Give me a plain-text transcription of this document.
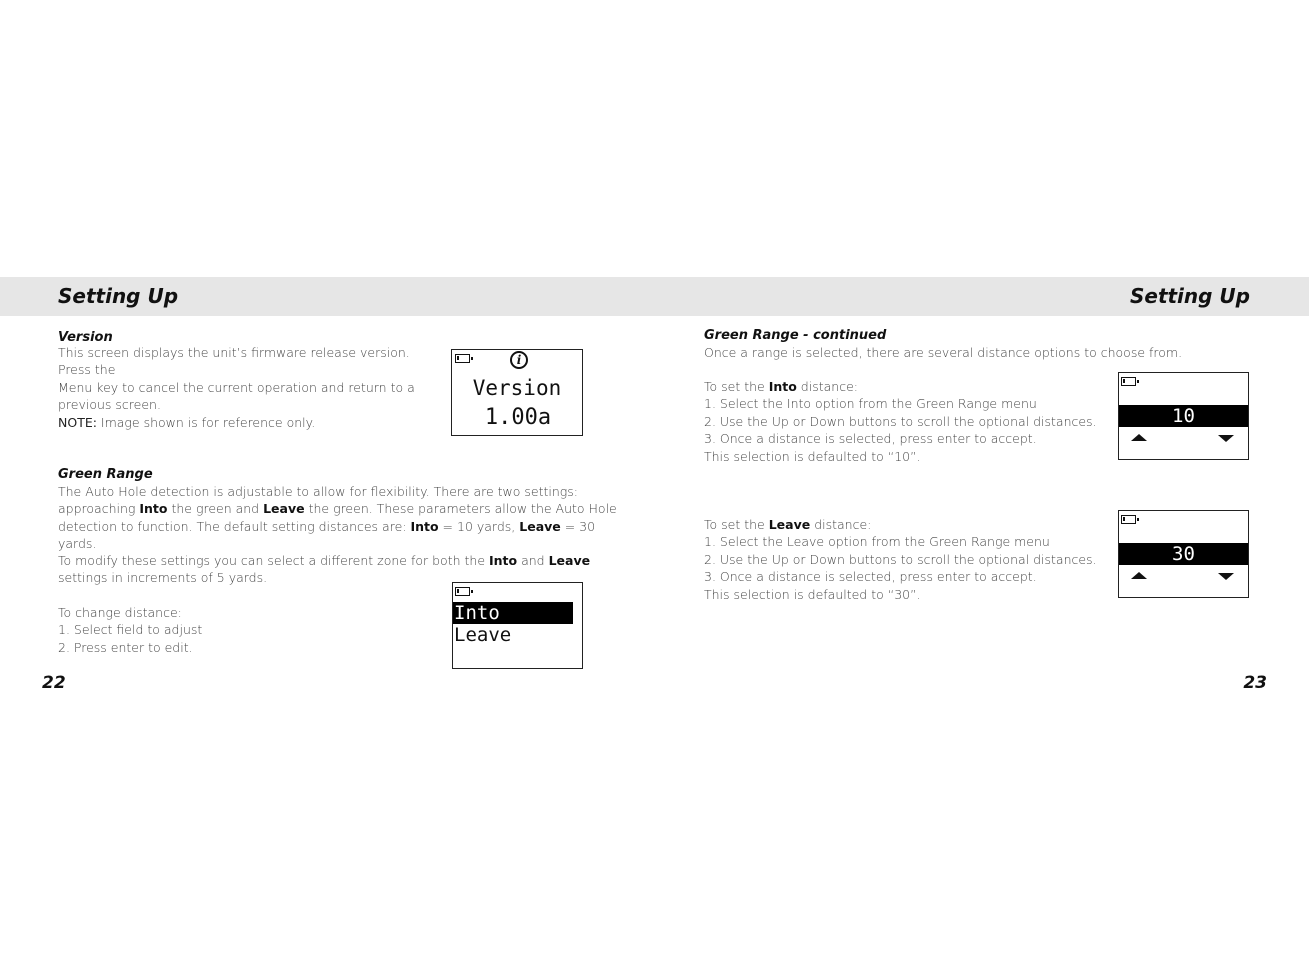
Setting Up	Setting Up
Version

This screen displays the unit’s firmware release version. Press the

Menu key to cancel the current operation and return to a

previous screen.

NOTE: Image shown is for reference only.

i
Version
1.00a
Green Range

The Auto Hole detection is adjustable to allow for flexibility. There are two settings:

approaching Into the green and Leave the green. These parameters allow the Auto Hole

detection to function. The default setting distances are: Into = 10 yards, Leave = 30 yards.

To modify these settings you can select a different zone for both the Into and Leave

settings in increments of 5 yards.

To change distance:

1. Select field to adjust

2. Press enter to edit.

Into
Leave
22
Green Range - continued
Once a range is selected, there are several distance options to choose from.

To set the Into distance:

1. Select the Into option from the Green Range menu

2. Use the Up or Down buttons to scroll the optional distances.

3. Once a distance is selected, press enter to accept.

This selection is defaulted to “10”.

10

To set the Leave distance:

1. Select the Leave option from the Green Range menu

2. Use the Up or Down buttons to scroll the optional distances.

3. Once a distance is selected, press enter to accept.

This selection is defaulted to “30”.

30
23
